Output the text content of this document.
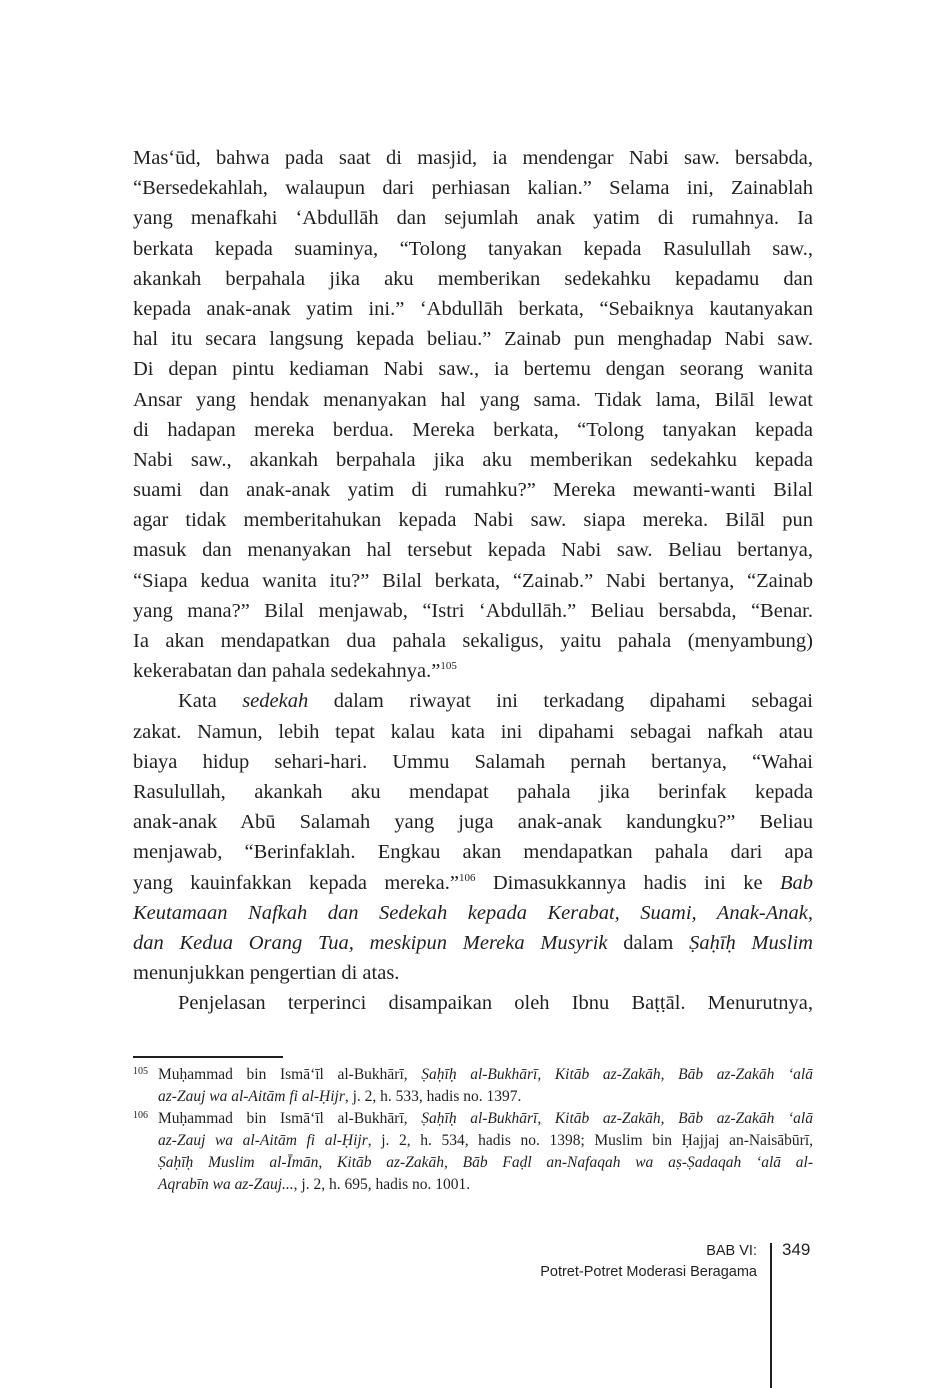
Mas‘ūd, bahwa pada saat di masjid, ia mendengar Nabi saw. bersabda,
“Bersedekahlah, walaupun dari perhiasan kalian.” Selama ini, Zainablah
yang menafkahi ‘Abdullāh dan sejumlah anak yatim di rumahnya. Ia
berkata kepada suaminya, “Tolong tanyakan kepada Rasulullah saw.,
akankah berpahala jika aku memberikan sedekahku kepadamu dan
kepada anak-anak yatim ini.” ‘Abdullāh berkata, “Sebaiknya kautanyakan
hal itu secara langsung kepada beliau.” Zainab pun menghadap Nabi saw.
Di depan pintu kediaman Nabi saw., ia bertemu dengan seorang wanita
Ansar yang hendak menanyakan hal yang sama. Tidak lama, Bilāl lewat
di hadapan mereka berdua. Mereka berkata, “Tolong tanyakan kepada
Nabi saw., akankah berpahala jika aku memberikan sedekahku kepada
suami dan anak-anak yatim di rumahku?” Mereka mewanti-wanti Bilal
agar tidak memberitahukan kepada Nabi saw. siapa mereka. Bilāl pun
masuk dan menanyakan hal tersebut kepada Nabi saw. Beliau bertanya,
“Siapa kedua wanita itu?” Bilal berkata, “Zainab.” Nabi bertanya, “Zainab
yang mana?” Bilal menjawab, “Istri ‘Abdullāh.” Beliau bersabda, “Benar.
Ia akan mendapatkan dua pahala sekaligus, yaitu pahala (menyambung)
kekerabatan dan pahala sedekahnya.”$^{105}$
Kata sedekah dalam riwayat ini terkadang dipahami sebagai
zakat. Namun, lebih tepat kalau kata ini dipahami sebagai nafkah atau
biaya hidup sehari-hari. Ummu Salamah pernah bertanya, “Wahai
Rasulullah, akankah aku mendapat pahala jika berinfak kepada
anak-anak Abū Salamah yang juga anak-anak kandungku?” Beliau
menjawab, “Berinfaklah. Engkau akan mendapatkan pahala dari apa
yang kauinfakkan kepada mereka.”$^{106}$ Dimasukkannya hadis ini ke Bab
Keutamaan Nafkah dan Sedekah kepada Kerabat, Suami, Anak-Anak,
dan Kedua Orang Tua, meskipun Mereka Musyrik dalam Ṣaḥīḥ Muslim
menunjukkan pengertian di atas.
Penjelasan terperinci disampaikan oleh Ibnu Baṭṭāl. Menurutnya,
105 Muḥammad bin Ismā‘īl al-Bukhārī, Ṣaḥīḥ al-Bukhārī, Kitāb az-Zakāh, Bāb az-Zakāh ‘alā
az-Zauj wa al-Aitām fi al-Ḥijr, j. 2, h. 533, hadis no. 1397.
106 Muḥammad bin Ismā‘īl al-Bukhārī, Ṣaḥīḥ al-Bukhārī, Kitāb az-Zakāh, Bāb az-Zakāh ‘alā
az-Zauj wa al-Aitām fi al-Ḥijr, j. 2, h. 534, hadis no. 1398; Muslim bin Ḥajjaj an-Naisābūrī,
Ṣaḥīḥ Muslim al-Īmān, Kitāb az-Zakāh, Bāb Faḍl an-Nafaqah wa aṣ-Ṣadaqah ‘alā al-
Aqrabīn wa az-Zauj..., j. 2, h. 695, hadis no. 1001.
BAB VI:
Potret-Potret Moderasi Beragama
349
